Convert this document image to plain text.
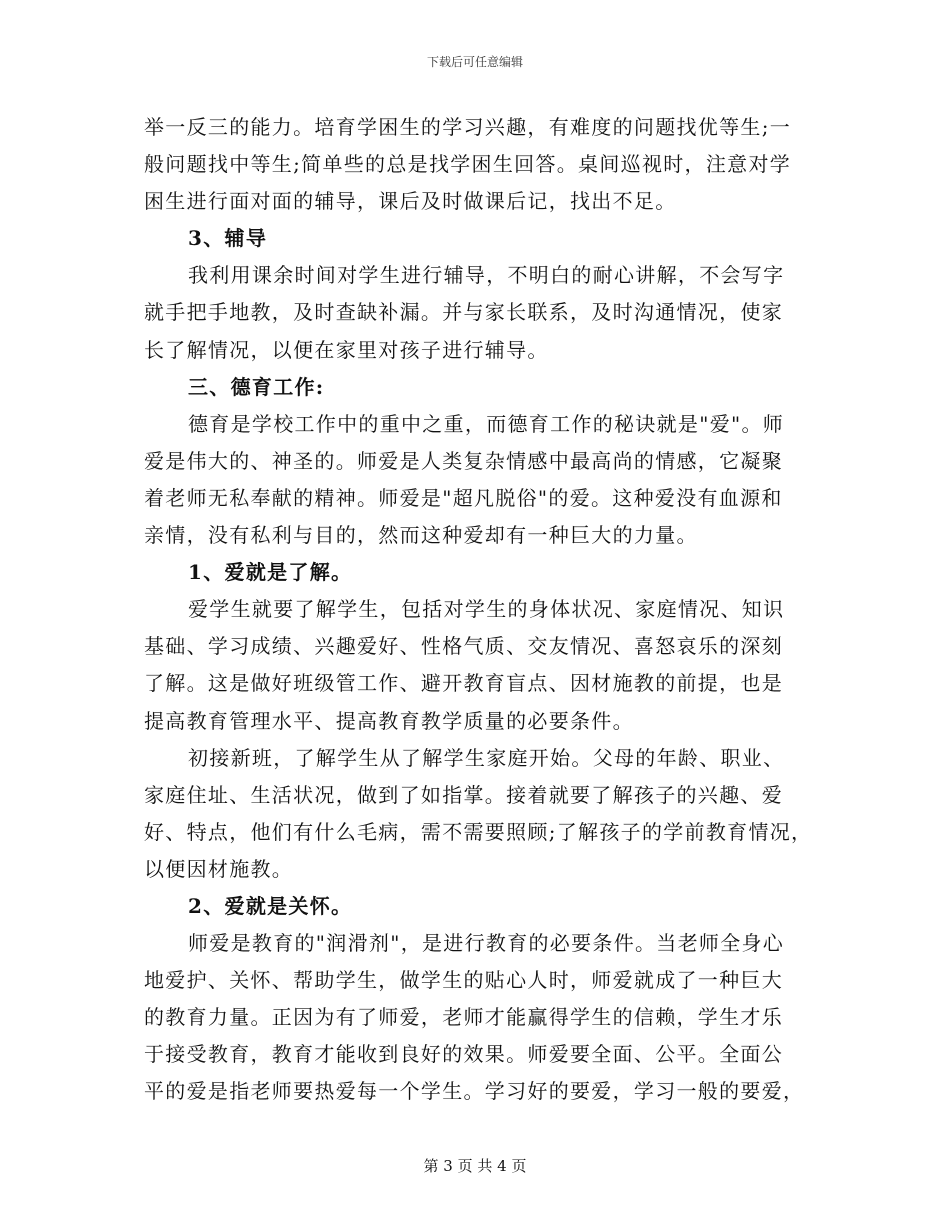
下载后可任意编辑

举一反三的能力。培育学困生的学习兴趣，有难度的问题找优等生;一

般问题找中等生;简单些的总是找学困生回答。桌间巡视时，注意对学

困生进行面对面的辅导，课后及时做课后记，找出不足。

3、辅导

我利用课余时间对学生进行辅导，不明白的耐心讲解，不会写字

就手把手地教，及时查缺补漏。并与家长联系，及时沟通情况，使家

长了解情况，以便在家里对孩子进行辅导。

三、德育工作:

德育是学校工作中的重中之重，而德育工作的秘诀就是"爱"。师

爱是伟大的、神圣的。师爱是人类复杂情感中最高尚的情感，它凝聚

着老师无私奉献的精神。师爱是"超凡脱俗"的爱。这种爱没有血源和

亲情，没有私利与目的，然而这种爱却有一种巨大的力量。

1、爱就是了解。

爱学生就要了解学生，包括对学生的身体状况、家庭情况、知识

基础、学习成绩、兴趣爱好、性格气质、交友情况、喜怒哀乐的深刻

了解。这是做好班级管工作、避开教育盲点、因材施教的前提，也是

提高教育管理水平、提高教育教学质量的必要条件。

初接新班，了解学生从了解学生家庭开始。父母的年龄、职业、

家庭住址、生活状况，做到了如指掌。接着就要了解孩子的兴趣、爱

好、特点，他们有什么毛病，需不需要照顾;了解孩子的学前教育情况，

以便因材施教。

2、爱就是关怀。

师爱是教育的"润滑剂"，是进行教育的必要条件。当老师全身心

地爱护、关怀、帮助学生，做学生的贴心人时，师爱就成了一种巨大

的教育力量。正因为有了师爱，老师才能赢得学生的信赖，学生才乐

于接受教育，教育才能收到良好的效果。师爱要全面、公平。全面公

平的爱是指老师要热爱每一个学生。学习好的要爱，学习一般的要爱，

第 3 页 共 4 页
